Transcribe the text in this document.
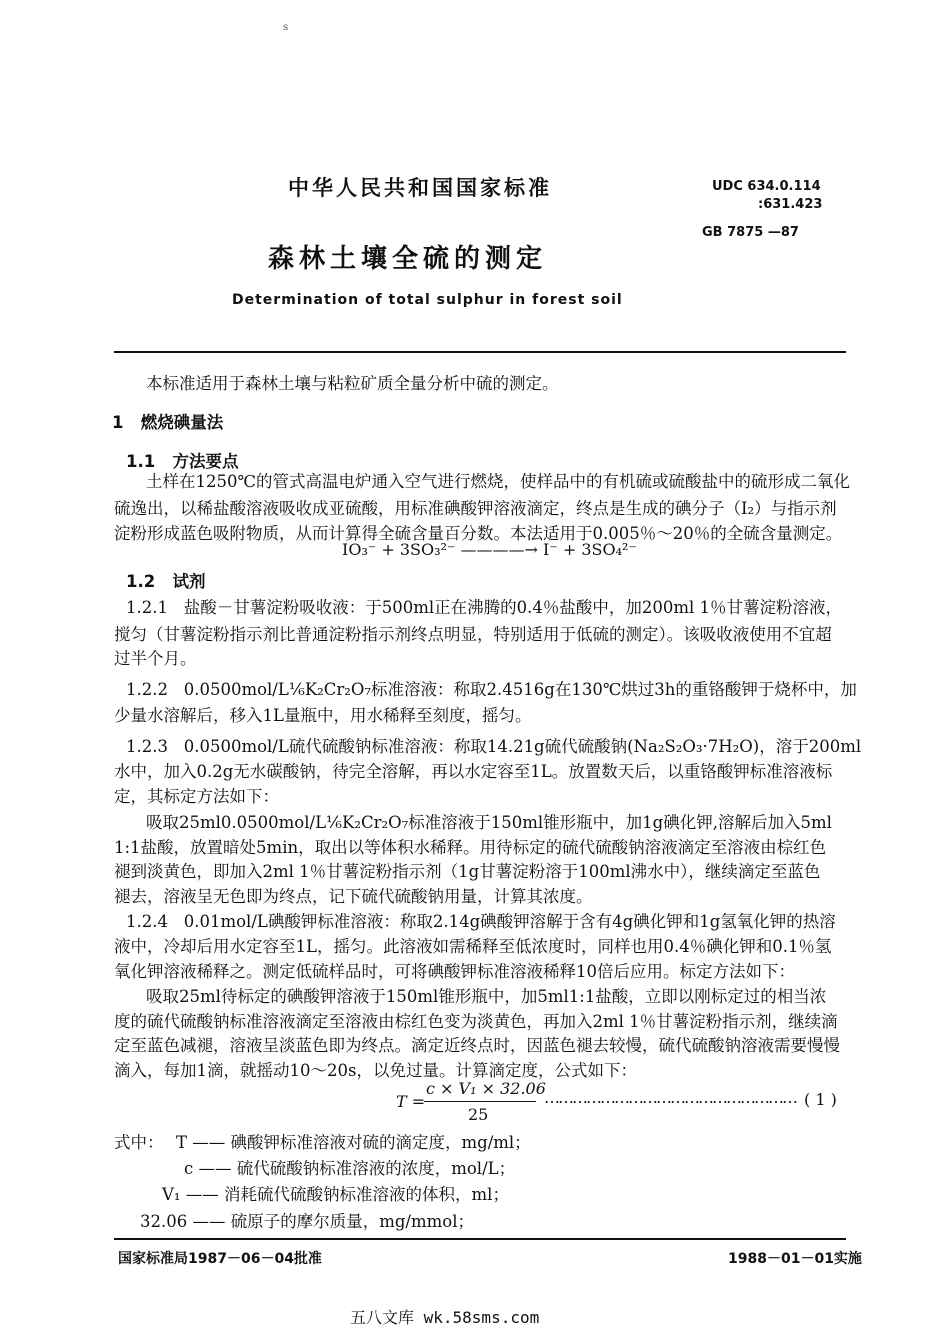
s
中华人民共和国国家标准	UDC 634.0.114
:631.423
GB 7875 —87
森林土壤全硫的测定
Determination of total sulphur in forest soil
本标准适用于森林土壤与粘粒矿质全量分析中硫的测定。
1   燃烧碘量法
1.1   方法要点
土样在1250℃的管式高温电炉通入空气进行燃烧，使样品中的有机硫或硫酸盐中的硫形成二氧化
硫逸出，以稀盐酸溶液吸收成亚硫酸，用标准碘酸钾溶液滴定，终点是生成的碘分子（I₂）与指示剂
淀粉形成蓝色吸附物质，从而计算得全硫含量百分数。本法适用于0.005％～20％的全硫含量测定。
IO₃⁻ + 3SO₃²⁻ ————→ I⁻ + 3SO₄²⁻
1.2   试剂
1.2.1   盐酸－甘薯淀粉吸收液：于500ml正在沸腾的0.4％盐酸中，加200ml 1％甘薯淀粉溶液，
搅匀（甘薯淀粉指示剂比普通淀粉指示剂终点明显，特别适用于低硫的测定）。该吸收液使用不宜超
过半个月。
1.2.2   0.0500mol/L⅙K₂Cr₂O₇标准溶液：称取2.4516g在130℃烘过3h的重铬酸钾于烧杯中，加
少量水溶解后，移入1L量瓶中，用水稀释至刻度，摇匀。
1.2.3   0.0500mol/L硫代硫酸钠标准溶液：称取14.21g硫代硫酸钠(Na₂S₂O₃·7H₂O)，溶于200ml
水中，加入0.2g无水碳酸钠，待完全溶解，再以水定容至1L。放置数天后，以重铬酸钾标准溶液标
定，其标定方法如下：
吸取25ml0.0500mol/L⅙K₂Cr₂O₇标准溶液于150ml锥形瓶中，加1g碘化钾,溶解后加入5ml
1:1盐酸，放置暗处5min，取出以等体积水稀释。用待标定的硫代硫酸钠溶液滴定至溶液由棕红色
褪到淡黄色，即加入2ml 1％甘薯淀粉指示剂（1g甘薯淀粉溶于100ml沸水中），继续滴定至蓝色
褪去，溶液呈无色即为终点，记下硫代硫酸钠用量，计算其浓度。
1.2.4   0.01mol/L碘酸钾标准溶液：称取2.14g碘酸钾溶解于含有4g碘化钾和1g氢氧化钾的热溶
液中，冷却后用水定容至1L，摇匀。此溶液如需稀释至低浓度时，同样也用0.4％碘化钾和0.1％氢
氧化钾溶液稀释之。测定低硫样品时，可将碘酸钾标准溶液稀释10倍后应用。标定方法如下：
吸取25ml待标定的碘酸钾溶液于150ml锥形瓶中，加5ml1:1盐酸，立即以刚标定过的相当浓
度的硫代硫酸钠标准溶液滴定至溶液由棕红色变为淡黄色，再加入2ml 1％甘薯淀粉指示剂，继续滴
定至蓝色减褪，溶液呈淡蓝色即为终点。滴定近终点时，因蓝色褪去较慢，硫代硫酸钠溶液需要慢慢
滴入，每加1滴，就摇动10～20s，以免过量。计算滴定度，公式如下：
T =
c × V₁ × 32.06
25
……………………………………………… ( 1 )
式中： T —— 碘酸钾标准溶液对硫的滴定度，mg/ml；
c —— 硫代硫酸钠标准溶液的浓度，mol/L；
V₁ —— 消耗硫代硫酸钠标准溶液的体积，ml；
32.06 —— 硫原子的摩尔质量，mg/mmol；
国家标准局1987－06－04批准	1988－01－01实施
五八文库 wk.58sms.com
